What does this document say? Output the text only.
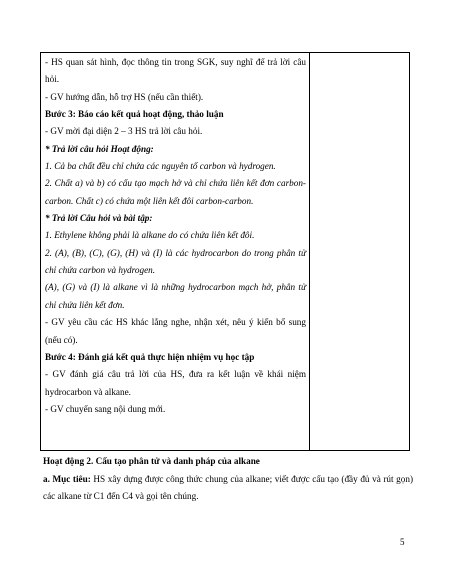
- HS quan sát hình, đọc thông tin trong SGK, suy nghĩ để trả lời câu hỏi.

- GV hướng dẫn, hỗ trợ HS (nếu cần thiết).

Bước 3: Báo cáo kết quả hoạt động, thảo luận

- GV mời đại diện 2 – 3 HS trả lời câu hỏi.

* Trả lời câu hỏi Hoạt động:

1. Cả ba chất đều chỉ chứa các nguyên tố carbon và hydrogen.

2. Chất a) và b) có cấu tạo mạch hở và chỉ chứa liên kết đơn carbon-carbon. Chất c) có chứa một liên kết đôi carbon-carbon.

* Trả lời Câu hỏi và bài tập:

1. Ethylene không phải là alkane do có chứa liên kết đôi.

2. (A), (B), (C), (G), (H) và (I) là các hydrocarbon do trong phân tử chỉ chứa carbon và hydrogen.

(A), (G) và (I) là alkane vì là những hydrocarbon mạch hở, phân tử chỉ chứa liên kết đơn.

- GV yêu cầu các HS khác lắng nghe, nhận xét, nêu ý kiến bổ sung (nếu có).

Bước 4: Đánh giá kết quả thực hiện nhiệm vụ học tập

- GV đánh giá câu trả lời của HS, đưa ra kết luận về khái niệm hydrocarbon và alkane.

- GV chuyển sang nội dung mới.

Hoạt động 2. Cấu tạo phân tử và danh pháp của alkane

a. Mục tiêu: HS xây dựng được công thức chung của alkane; viết được cấu tạo (đầy đủ và rút gọn) các alkane từ C1 đến C4 và gọi tên chúng.

5
